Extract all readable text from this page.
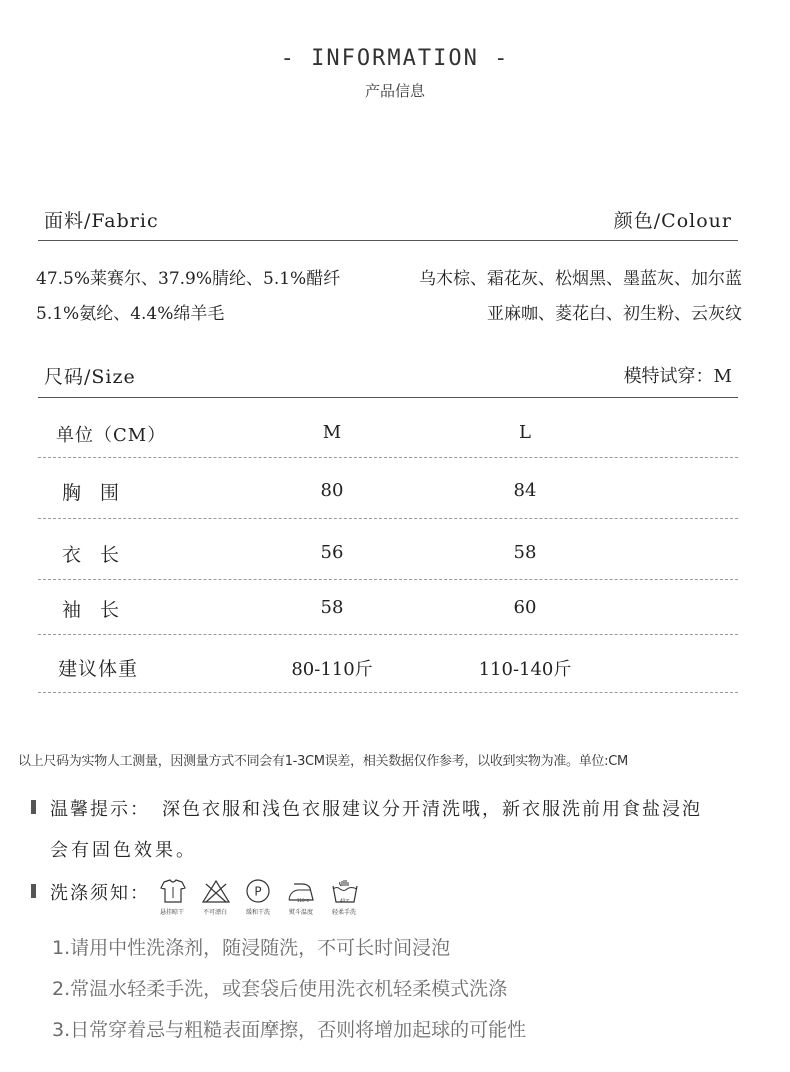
- INFORMATION -
产品信息
面料/Fabric	颜色/Colour
47.5%莱赛尔、37.9%腈纶、5.1%醋纤
5.1%氨纶、4.4%绵羊毛
乌木棕、霜花灰、松烟黑、墨蓝灰、加尔蓝
亚麻咖、菱花白、初生粉、云灰纹
尺码/Size	模特试穿：M
单位（CM）	M	L
胸　围	80	84
衣　长	56	58
袖　长	58	60
建议体重	80-110斤	110-140斤
以上尺码为实物人工测量，因测量方式不同会有1-3CM误差，相关数据仅作参考，以收到实物为准。单位:CM
温馨提示： 深色衣服和浅色衣服建议分开清洗哦，新衣服洗前用食盐浸泡
会有固色效果。
洗涤须知：
悬挂晾干	不可漂白
P
缓和干洗
110℃
熨斗温度
40℃
轻柔手洗
1.请用中性洗涤剂，随浸随洗，不可长时间浸泡
2.常温水轻柔手洗，或套袋后使用洗衣机轻柔模式洗涤
3.日常穿着忌与粗糙表面摩擦，否则将增加起球的可能性
